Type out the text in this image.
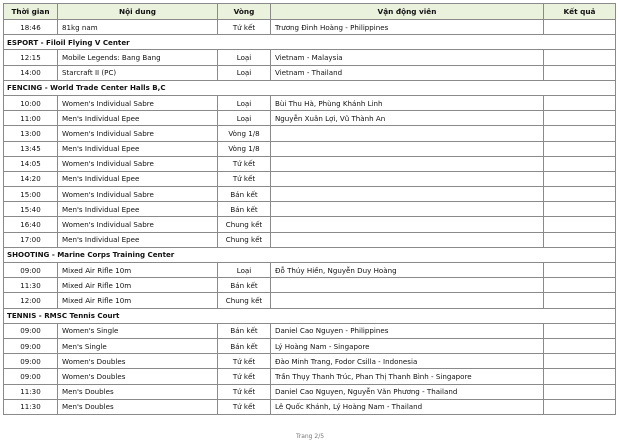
Thời gian	Nội dung	Vòng	Vận động viên	Kết quả
18:46	81kg nam	Tứ kết	Trương Đình Hoàng - Philippines	
ESPORT - Filoil Flying V Center				
12:15	Mobile Legends: Bang Bang	Loại	Vietnam - Malaysia	
14:00	Starcraft II (PC)	Loại	Vietnam - Thailand	
FENCING - World Trade Center Halls B,C				
10:00	Women's Individual Sabre	Loại	Bùi Thu Hà, Phùng Khánh Linh	
11:00	Men's Individual Epee	Loại	Nguyễn Xuân Lợi, Vũ Thành An	
13:00	Women's Individual Sabre	Vòng 1/8		
13:45	Men's Individual Epee	Vòng 1/8		
14:05	Women's Individual Sabre	Tứ kết		
14:20	Men's Individual Epee	Tứ kết		
15:00	Women's Individual Sabre	Bán kết		
15:40	Men's Individual Epee	Bán kết		
16:40	Women's Individual Sabre	Chung kết		
17:00	Men's Individual Epee	Chung kết		
SHOOTING - Marine Corps Training Center				
09:00	Mixed Air Rifle 10m	Loại	Đỗ Thúy Hiền, Nguyễn Duy Hoàng	
11:30	Mixed Air Rifle 10m	Bán kết		
12:00	Mixed Air Rifle 10m	Chung kết		
TENNIS - RMSC Tennis Court				
09:00	Women's Single	Bán kết	Daniel Cao Nguyen - Philippines	
09:00	Men's Single	Bán kết	Lý Hoàng Nam - Singapore	
09:00	Women's Doubles	Tứ kết	Đào Minh Trang, Fodor Csilla - Indonesia	
09:00	Women's Doubles	Tứ kết	Trần Thụy Thanh Trúc, Phan Thị Thanh Bình - Singapore	
11:30	Men's Doubles	Tứ kết	Daniel Cao Nguyen, Nguyễn Văn Phương - Thailand	
11:30	Men's Doubles	Tứ kết	Lê Quốc Khánh, Lý Hoàng Nam - Thailand	
Trang 2/5
